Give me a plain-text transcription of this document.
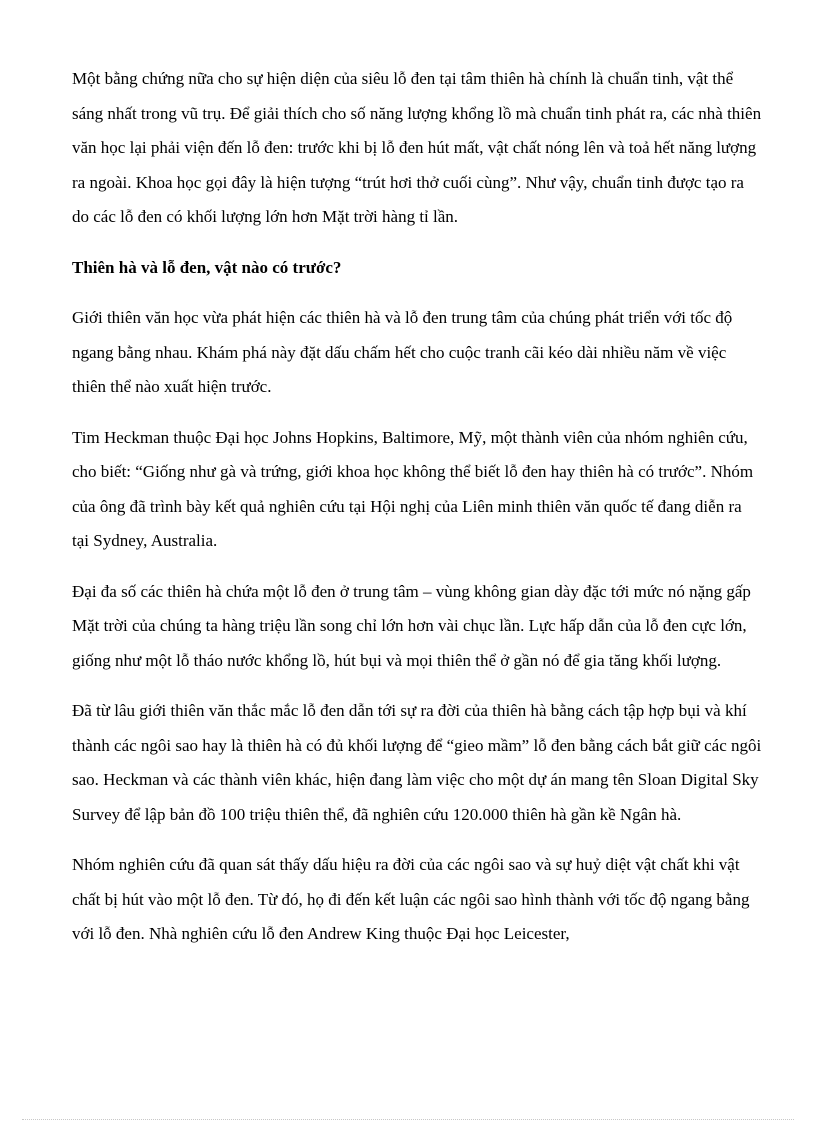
Một bằng chứng nữa cho sự hiện diện của siêu lỗ đen tại tâm thiên hà chính là chuẩn tinh, vật thể sáng nhất trong vũ trụ. Để giải thích cho số năng lượng khổng lồ mà chuẩn tinh phát ra, các nhà thiên văn học lại phải viện đến lỗ đen: trước khi bị lỗ đen hút mất, vật chất nóng lên và toả hết năng lượng ra ngoài. Khoa học gọi đây là hiện tượng “trút hơi thở cuối cùng”. Như vậy, chuẩn tinh được tạo ra do các lỗ đen có khối lượng lớn hơn Mặt trời hàng tỉ lần.

Thiên hà và lỗ đen, vật nào có trước?

Giới thiên văn học vừa phát hiện các thiên hà và lỗ đen trung tâm của chúng phát triển với tốc độ ngang bằng nhau. Khám phá này đặt dấu chấm hết cho cuộc tranh cãi kéo dài nhiều năm về việc thiên thể nào xuất hiện trước.

Tim Heckman thuộc Đại học Johns Hopkins, Baltimore, Mỹ, một thành viên của nhóm nghiên cứu, cho biết: “Giống như gà và trứng, giới khoa học không thể biết lỗ đen hay thiên hà có trước”. Nhóm của ông đã trình bày kết quả nghiên cứu tại Hội nghị của Liên minh thiên văn quốc tế đang diễn ra tại Sydney, Australia.

Đại đa số các thiên hà chứa một lỗ đen ở trung tâm – vùng không gian dày đặc tới mức nó nặng gấp Mặt trời của chúng ta hàng triệu lần song chỉ lớn hơn vài chục lần. Lực hấp dẫn của lỗ đen cực lớn, giống như một lỗ tháo nước khổng lồ, hút bụi và mọi thiên thể ở gần nó để gia tăng khối lượng.

Đã từ lâu giới thiên văn thắc mắc lỗ đen dẫn tới sự ra đời của thiên hà bằng cách tập hợp bụi và khí thành các ngôi sao hay là thiên hà có đủ khối lượng để “gieo mầm” lỗ đen bằng cách bắt giữ các ngôi sao. Heckman và các thành viên khác, hiện đang làm việc cho một dự án mang tên Sloan Digital Sky Survey để lập bản đồ 100 triệu thiên thể, đã nghiên cứu 120.000 thiên hà gần kề Ngân hà.

Nhóm nghiên cứu đã quan sát thấy dấu hiệu ra đời của các ngôi sao và sự huỷ diệt vật chất khi vật chất bị hút vào một lỗ đen. Từ đó, họ đi đến kết luận các ngôi sao hình thành với tốc độ ngang bằng với lỗ đen. Nhà nghiên cứu lỗ đen Andrew King thuộc Đại học Leicester,
